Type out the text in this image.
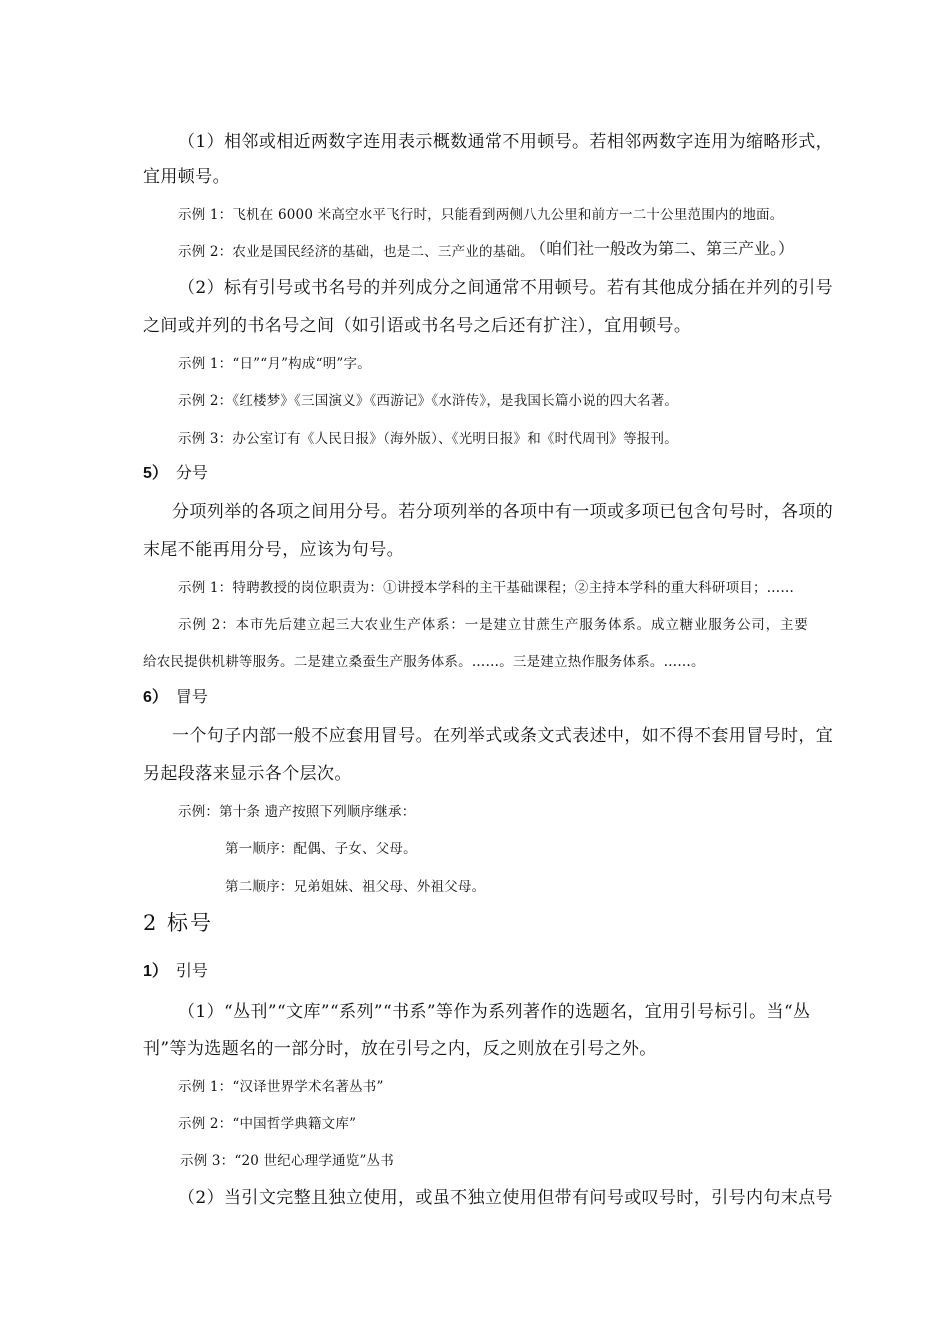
（1）相邻或相近两数字连用表示概数通常不用顿号。若相邻两数字连用为缩略形式，
宜用顿号。
示例 1：飞机在 6000 米高空水平飞行时，只能看到两侧八九公里和前方一二十公里范围内的地面。
示例 2：农业是国民经济的基础，也是二、三产业的基础。
（咱们社一般改为第二、第三产业。）
（2）标有引号或书名号的并列成分之间通常不用顿号。若有其他成分插在并列的引号
之间或并列的书名号之间（如引语或书名号之后还有扩注），宜用顿号。
示例 1：“日”“月”构成“明”字。
示例 2：《红楼梦》《三国演义》《西游记》《水浒传》，是我国长篇小说的四大名著。
示例 3：办公室订有《人民日报》（海外版）、《光明日报》和《时代周刊》等报刊。
5） 分号
分项列举的各项之间用分号。若分项列举的各项中有一项或多项已包含句号时，各项的
末尾不能再用分号，应该为句号。
示例 1：特聘教授的岗位职责为：①讲授本学科的主干基础课程；②主持本学科的重大科研项目；……
示例 2：本市先后建立起三大农业生产体系：一是建立甘蔗生产服务体系。成立糖业服务公司，主要
给农民提供机耕等服务。二是建立桑蚕生产服务体系。……。三是建立热作服务体系。……。
6） 冒号
一个句子内部一般不应套用冒号。在列举式或条文式表述中，如不得不套用冒号时，宜
另起段落来显示各个层次。
示例：第十条 遗产按照下列顺序继承：
第一顺序：配偶、子女、父母。
第二顺序：兄弟姐妹、祖父母、外祖父母。
2 标号
1） 引号
（1）“丛刊”“文库”“系列”“书系”等作为系列著作的选题名，宜用引号标引。当“丛
刊”等为选题名的一部分时，放在引号之内，反之则放在引号之外。
示例 1：“汉译世界学术名著丛书”
示例 2：“中国哲学典籍文库”
示例 3：“20 世纪心理学通览”丛书
（2）当引文完整且独立使用，或虽不独立使用但带有问号或叹号时，引号内句末点号
